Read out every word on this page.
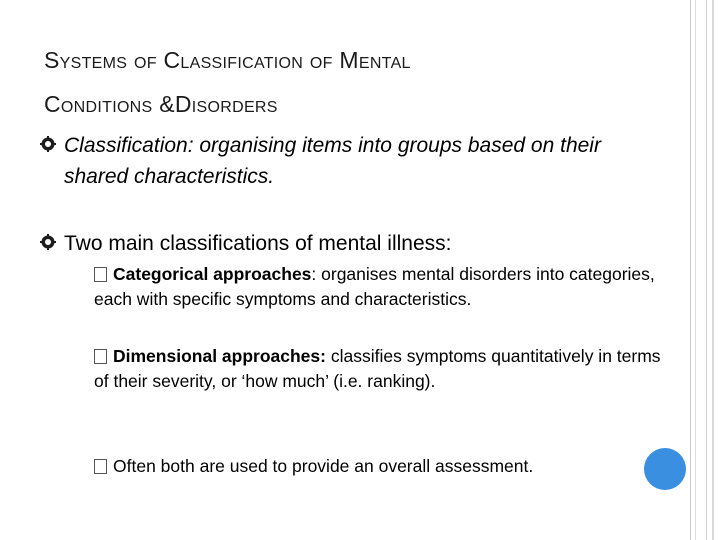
SYSTEMS OF CLASSIFICATION OF MENTAL
CONDITIONS &DISORDERS
Classification: organising items into groups based on their shared characteristics.
Two main classifications of mental illness:
Categorical approaches: organises mental disorders into categories, each with specific symptoms and characteristics.
Dimensional approaches: classifies symptoms quantitatively in terms of their severity, or ‘how much’ (i.e. ranking).
Often both are used to provide an overall assessment.
